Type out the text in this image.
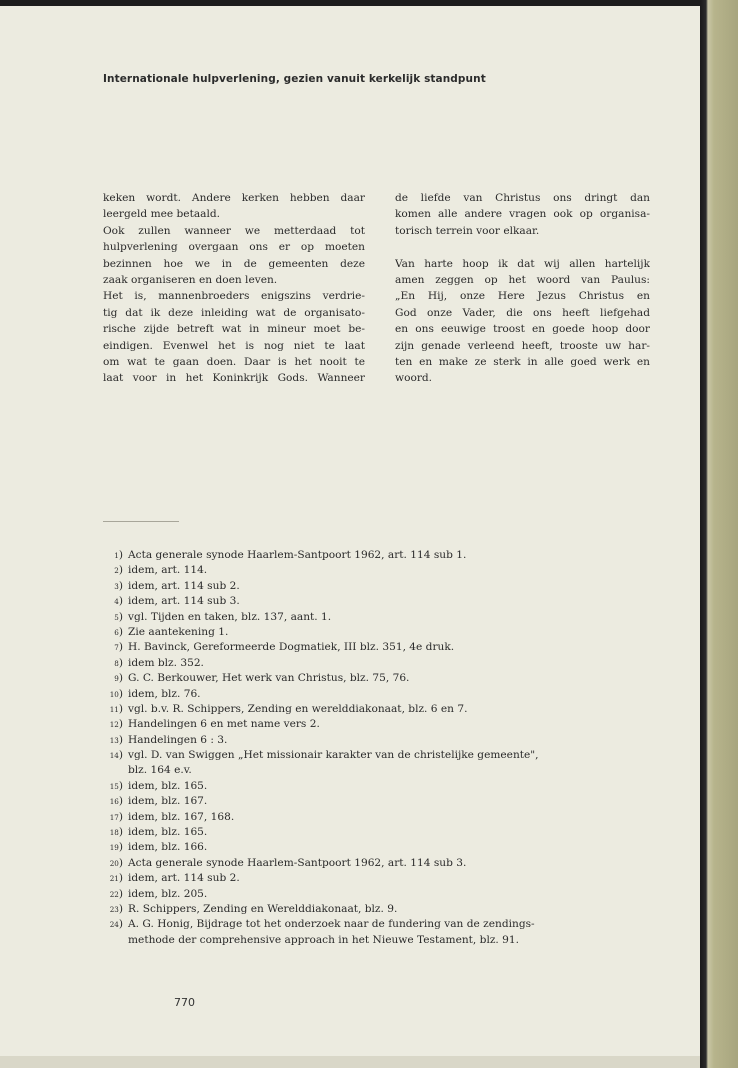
Internationale hulpverlening, gezien vanuit kerkelijk standpunt
keken wordt. Andere kerken hebben daar
leergeld mee betaald.
Ook zullen wanneer we metterdaad tot
hulpverlening overgaan ons er op moeten
bezinnen hoe we in de gemeenten deze
zaak organiseren en doen leven.
Het is, mannenbroeders enigszins verdrie-
tig dat ik deze inleiding wat de organisato-
rische zijde betreft wat in mineur moet be-
eindigen. Evenwel het is nog niet te laat
om wat te gaan doen. Daar is het nooit te
laat voor in het Koninkrijk Gods. Wanneer
de liefde van Christus ons dringt dan
komen alle andere vragen ook op organisa-
torisch terrein voor elkaar.
Van harte hoop ik dat wij allen hartelijk
amen zeggen op het woord van Paulus:
„En Hij, onze Here Jezus Christus en
God onze Vader, die ons heeft liefgehad
en ons eeuwige troost en goede hoop door
zijn genade verleend heeft, trooste uw har-
ten en make ze sterk in alle goed werk en
woord.
1) Acta generale synode Haarlem-Santpoort 1962, art. 114 sub 1.
2) idem, art. 114.
3) idem, art. 114 sub 2.
4) idem, art. 114 sub 3.
5) vgl. Tijden en taken, blz. 137, aant. 1.
6) Zie aantekening 1.
7) H. Bavinck, Gereformeerde Dogmatiek, III blz. 351, 4e druk.
8) idem blz. 352.
9) G. C. Berkouwer, Het werk van Christus, blz. 75, 76.
10) idem, blz. 76.
11) vgl. b.v. R. Schippers, Zending en werelddiakonaat, blz. 6 en 7.
12) Handelingen 6 en met name vers 2.
13) Handelingen 6 : 3.
14) vgl. D. van Swiggen „Het missionair karakter van de christelijke gemeente",
blz. 164 e.v.
15) idem, blz. 165.
16) idem, blz. 167.
17) idem, blz. 167, 168.
18) idem, blz. 165.
19) idem, blz. 166.
20) Acta generale synode Haarlem-Santpoort 1962, art. 114 sub 3.
21) idem, art. 114 sub 2.
22) idem, blz. 205.
23) R. Schippers, Zending en Werelddiakonaat, blz. 9.
24) A. G. Honig, Bijdrage tot het onderzoek naar de fundering van de zendings-
methode der comprehensive approach in het Nieuwe Testament, blz. 91.
770
